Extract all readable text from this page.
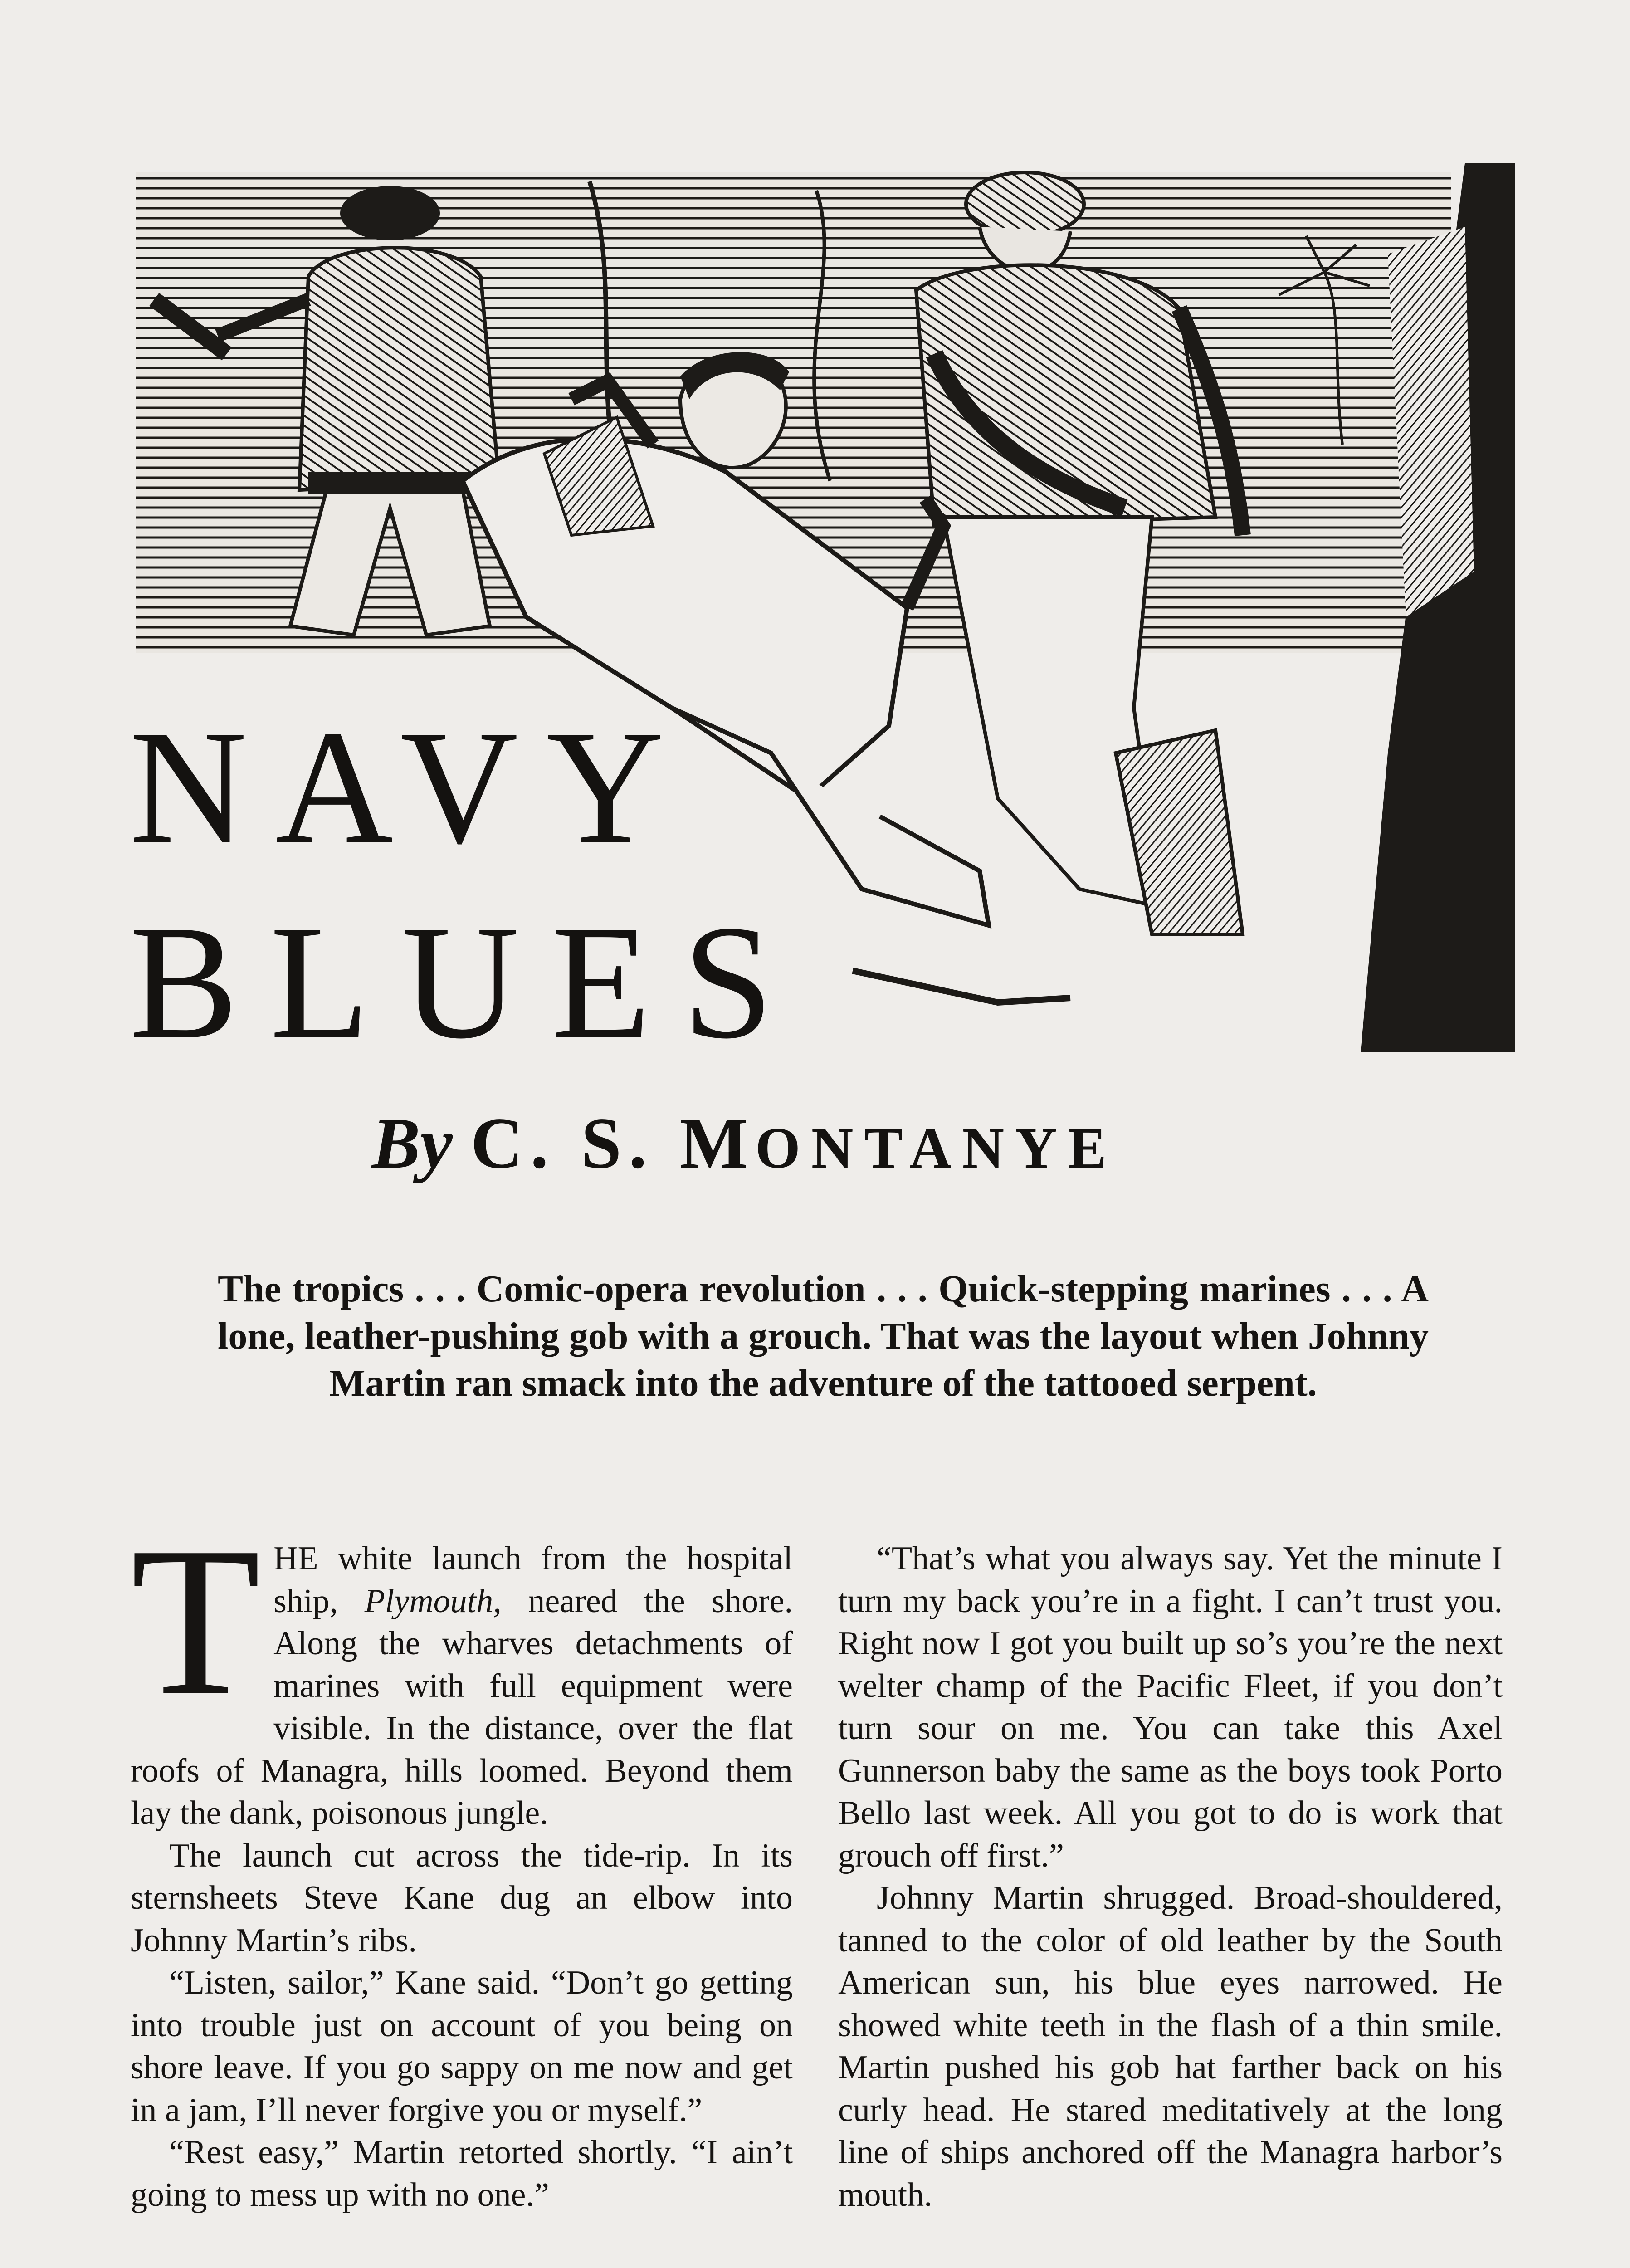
NAVY
BLUES

By C. S. MONTANYE

The tropics . . . Comic-opera revolution . . . Quick-stepping marines . . . A lone, leather-pushing gob with a grouch. That was the layout when Johnny Martin ran smack into the adventure of the tattooed serpent.

THE white launch from the hospital ship, Plymouth, neared the shore. Along the wharves detachments of marines with full equipment were visible. In the distance, over the flat roofs of Managra, hills loomed. Beyond them lay the dank, poisonous jungle.

The launch cut across the tide-rip. In its sternsheets Steve Kane dug an elbow into Johnny Martin’s ribs.

“Listen, sailor,” Kane said. “Don’t go getting into trouble just on account of you being on shore leave. If you go sappy on me now and get in a jam, I’ll never forgive you or myself.”

“Rest easy,” Martin retorted shortly. “I ain’t going to mess up with no one.”

“That’s what you always say. Yet the minute I turn my back you’re in a fight. I can’t trust you. Right now I got you built up so’s you’re the next welter champ of the Pacific Fleet, if you don’t turn sour on me. You can take this Axel Gunnerson baby the same as the boys took Porto Bello last week. All you got to do is work that grouch off first.”

Johnny Martin shrugged. Broad-shouldered, tanned to the color of old leather by the South American sun, his blue eyes narrowed. He showed white teeth in the flash of a thin smile. Martin pushed his gob hat farther back on his curly head. He stared meditatively at the long line of ships anchored off the Managra harbor’s mouth.
